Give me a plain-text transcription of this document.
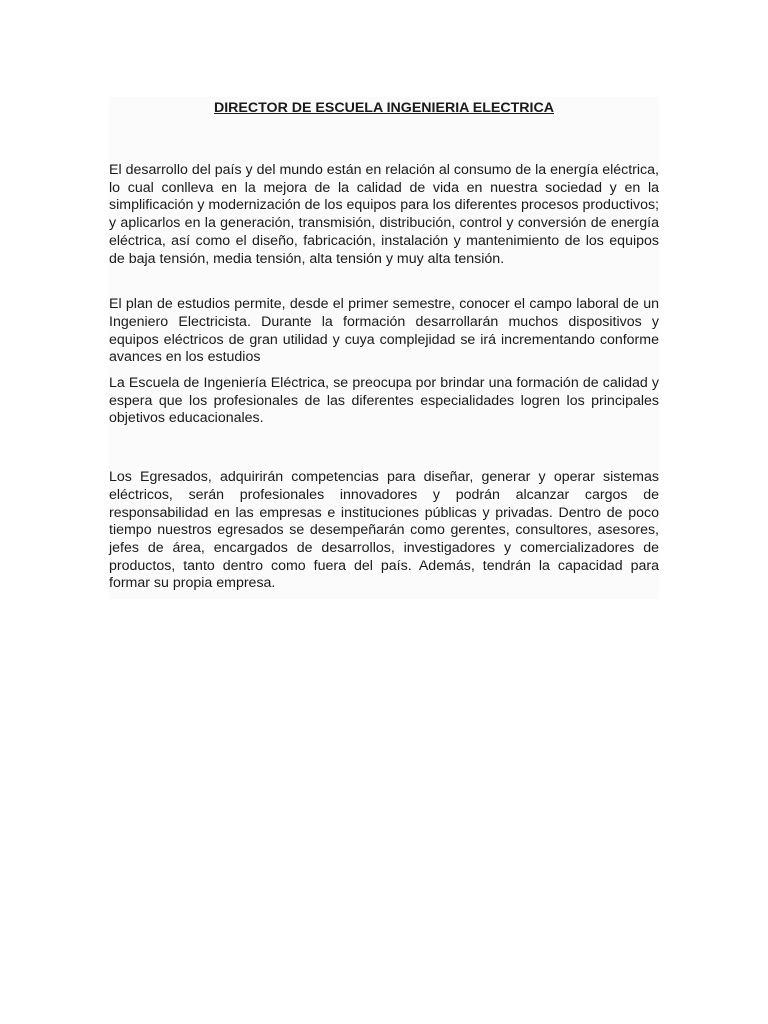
DIRECTOR DE ESCUELA INGENIERIA ELECTRICA

El desarrollo del país y del mundo están en relación al consumo de la energía eléctrica, lo cual conlleva en la mejora de la calidad de vida en nuestra sociedad y en la simplificación y modernización de los equipos para los diferentes procesos productivos; y aplicarlos en la generación, transmisión, distribución, control y conversión de energía eléctrica, así como el diseño, fabricación, instalación y mantenimiento de los equipos de baja tensión, media tensión, alta tensión y muy alta tensión.

El plan de estudios permite, desde el primer semestre, conocer el campo laboral de un Ingeniero Electricista. Durante la formación desarrollarán muchos dispositivos y equipos eléctricos de gran utilidad y cuya complejidad se irá incrementando conforme avances en los estudios

La Escuela de Ingeniería Eléctrica, se preocupa por brindar una formación de calidad y espera que los profesionales de las diferentes especialidades logren los principales objetivos educacionales.

Los Egresados, adquirirán competencias para diseñar, generar y operar sistemas eléctricos, serán profesionales innovadores y podrán alcanzar cargos de responsabilidad en las empresas e instituciones públicas y privadas. Dentro de poco tiempo nuestros egresados se desempeñarán como gerentes, consultores, asesores, jefes de área, encargados de desarrollos, investigadores y comercializadores de productos, tanto dentro como fuera del país. Además, tendrán la capacidad para formar su propia empresa.
